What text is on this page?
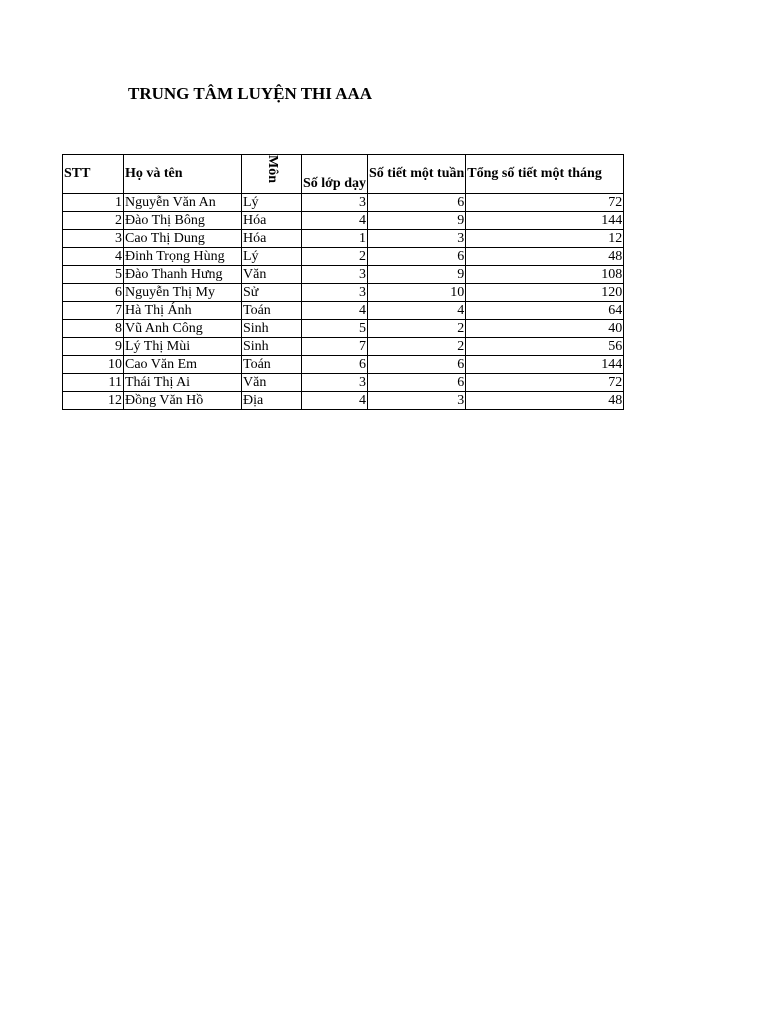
TRUNG TÂM LUYỆN THI AAA
STT	Họ và tên	Môn	Số lớp dạy	Số tiết một tuần	Tổng số tiết một tháng
1	Nguyễn Văn An	Lý	3	6	72
2	Đào Thị Bông	Hóa	4	9	144
3	Cao Thị Dung	Hóa	1	3	12
4	Đinh Trọng Hùng	Lý	2	6	48
5	Đào Thanh Hưng	Văn	3	9	108
6	Nguyễn Thị My	Sử	3	10	120
7	Hà Thị Ánh	Toán	4	4	64
8	Vũ Anh Công	Sinh	5	2	40
9	Lý Thị Mùi	Sinh	7	2	56
10	Cao Văn Em	Toán	6	6	144
11	Thái Thị Ai	Văn	3	6	72
12	Đồng Văn Hồ	Địa	4	3	48
